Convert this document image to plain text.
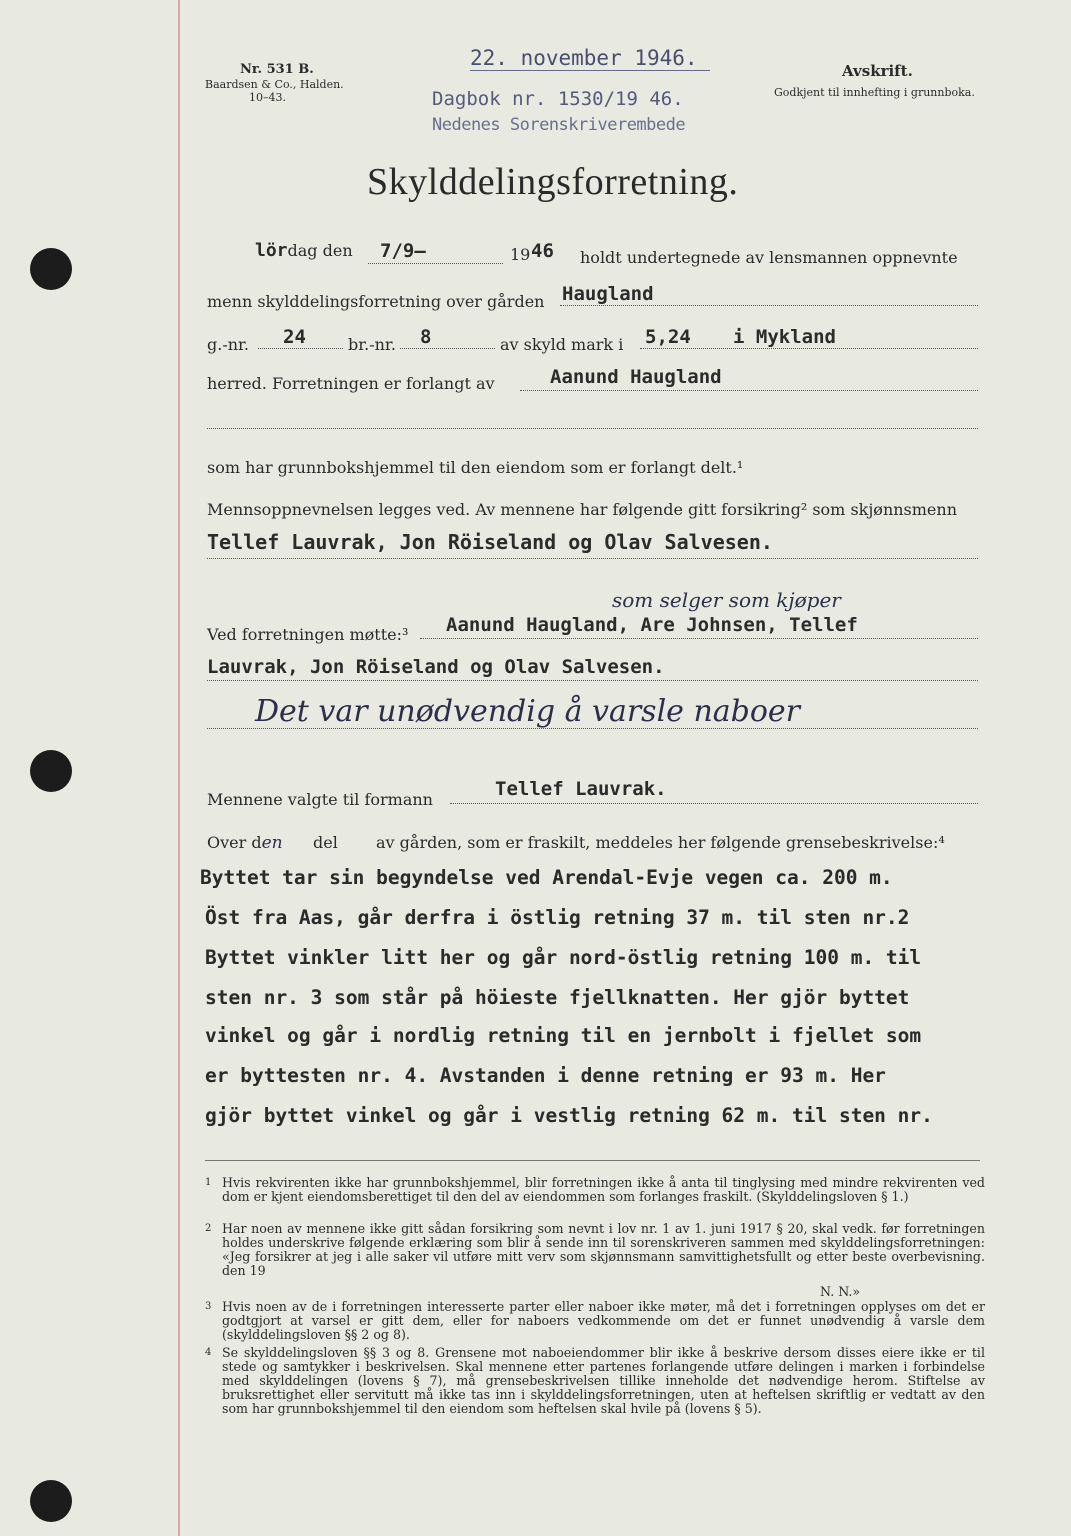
Nr. 531 B.
Baardsen & Co., Halden.
10–43.
22. november 1946.
Dagbok nr. 1530/19 46.
Nedenes Sorenskriverembede
Avskrift.
Godkjent til innhefting i grunnboka.
Skylddelingsforretning.
lördag den 7/9–	19 46 holdt undertegnede av lensmannen oppnevnte
menn skylddelingsforretning over gården Haugland
g.-nr. 24	br.-nr. 8	av skyld mark i 5,24 i Mykland
herred. Forretningen er forlangt av	Aanund Haugland
som har grunnbokshjemmel til den eiendom som er forlangt delt.¹
Mennsoppnevnelsen legges ved. Av mennene har følgende gitt forsikring² som skjønnsmenn
Tellef Lauvrak, Jon Röiseland og Olav Salvesen.
som selger som kjøper
Ved forretningen møtte:³ Aanund Haugland, Are Johnsen, Tellef
Lauvrak, Jon Röiseland og Olav Salvesen.
Det var unødvendig å varsle naboer
Mennene valgte til formann	Tellef Lauvrak.
Over den del av gården, som er fraskilt, meddeles her følgende grensebeskrivelse:⁴
Byttet tar sin begyndelse ved Arendal-Evje vegen ca. 200 m.
Öst fra Aas, går derfra i östlig retning 37 m. til sten nr.2
Byttet vinkler litt her og går nord-östlig retning 100 m. til
sten nr. 3 som står på höieste fjellknatten. Her gjör byttet
vinkel og går i nordlig retning til en jernbolt i fjellet som
er byttesten nr. 4. Avstanden i denne retning er 93 m. Her
gjör byttet vinkel og går i vestlig retning 62 m. til sten nr.
1 Hvis rekvirenten ikke har grunnbokshjemmel, blir forretningen ikke å anta til tinglysing med mindre rekvirenten ved dom er kjent eiendomsberettiget til den del av eiendommen som forlanges fraskilt. (Skylddelingsloven § 1.)
2 Har noen av mennene ikke gitt sådan forsikring som nevnt i lov nr. 1 av 1. juni 1917 § 20, skal vedk. før forretningen holdes underskrive følgende erklæring som blir å sende inn til sorenskriveren sammen med skylddelingsforretningen: «Jeg forsikrer at jeg i alle saker vil utføre mitt verv som skjønnsmann samvittighetsfullt og etter beste overbevisning. den 19
N. N.»
3 Hvis noen av de i forretningen interesserte parter eller naboer ikke møter, må det i forretningen opplyses om det er godtgjort at varsel er gitt dem, eller for naboers vedkommende om det er funnet unødvendig å varsle dem (skylddelingsloven §§ 2 og 8).
4 Se skylddelingsloven §§ 3 og 8. Grensene mot naboeiendommer blir ikke å beskrive dersom disses eiere ikke er til stede og samtykker i beskrivelsen. Skal mennene etter partenes forlangende utføre delingen i marken i forbindelse med skylddelingen (lovens § 7), må grensebeskrivelsen tillike inneholde det nødvendige herom. Stiftelse av bruksrettighet eller servitutt må ikke tas inn i skylddelingsforretningen, uten at heftelsen skriftlig er vedtatt av den som har grunnbokshjemmel til den eiendom som heftelsen skal hvile på (lovens § 5).
